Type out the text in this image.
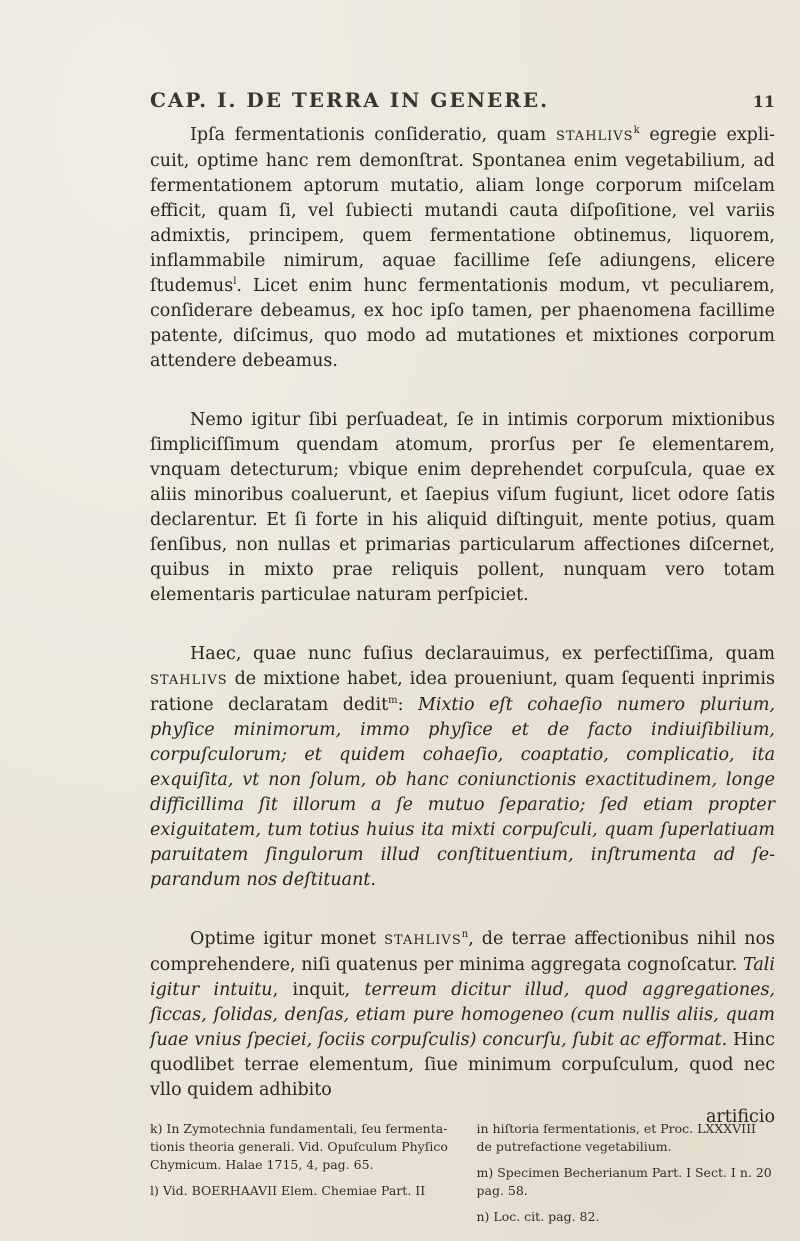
CAP. I. DE TERRA IN GENERE.	11

Ipſa fermentationis conſideratio, quam STAHLIVS$^k$ egregie explicuit, optime hanc rem demonſtrat. Spontanea enim vegetabilium, ad fermentationem aptorum mutatio, aliam longe corporum miſcelam efficit, quam ſi, vel ſubiecti mutandi cauta diſpoſitione, vel variis admixtis, principem, quem fermentatione obtinemus, liquorem, inflammabile nimirum, aquae facillime ſeſe adiungens, elicere ſtudemus$^l$. Licet enim hunc fermentationis modum, vt peculiarem, conſiderare debeamus, ex hoc ipſo tamen, per phaenomena facillime patente, diſcimus, quo modo ad mutationes et mixtiones corporum attendere debeamus.

Nemo igitur ſibi perſuadeat, ſe in intimis corporum mixtionibus ſimpliciſſimum quendam atomum, prorſus per ſe elementarem, vnquam detecturum; vbique enim deprehendet corpuſcula, quae ex aliis minoribus coaluerunt, et ſaepius viſum fugiunt, licet odore ſatis declarentur. Et ſi forte in his aliquid diſtinguit, mente potius, quam ſenſibus, non nullas et primarias particularum affectiones diſcernet, quibus in mixto prae reliquis pollent, nunquam vero totam elementaris particulae naturam perſpiciet.

Haec, quae nunc fuſius declarauimus, ex perfectiſſima, quam STAHLIVS de mixtione habet, idea proueniunt, quam ſequenti inprimis ratione declaratam dedit$^m$: Mixtio eſt cohaeſio numero plurium, phyſice minimorum, immo phyſice et de facto indiuiſibilium, corpuſculorum; et quidem cohaeſio, coaptatio, complicatio, ita exquiſita, vt non ſolum, ob hanc coniunctionis exactitudinem, longe difficillima ſit illorum a ſe mutuo ſeparatio; ſed etiam propter exiguitatem, tum totius huius ita mixti corpuſculi, quam ſuperlatiuam paruitatem ſingulorum illud conſtituentium, inſtrumenta ad ſeparandum nos deſtituant.

Optime igitur monet STAHLIVS$^n$, de terrae affectionibus nihil nos comprehendere, niſi quatenus per minima aggregata cognoſcatur. Tali igitur intuitu, inquit, terreum dicitur illud, quod aggregationes, ſiccas, ſolidas, denſas, etiam pure homogeneo (cum nullis aliis, quam ſuae vnius ſpeciei, ſociis corpuſculis) concurſu, ſubit ac efformat. Hinc quodlibet terrae elementum, ſiue minimum corpuſculum, quod nec vllo quidem adhibito

artificio

k) In Zymotechnia fundamentali, ſeu fermentationis theoria generali. Vid. Opuſculum Phyſico Chymicum. Halae 1715, 4, pag. 65.

l) Vid. BOERHAAVII Elem. Chemiae Part. II

in hiſtoria fermentationis, et Proc. LXXXVIII de putrefactione vegetabilium.

m) Specimen Becherianum Part. I Sect. I n. 20 pag. 58.

n) Loc. cit. pag. 82.
